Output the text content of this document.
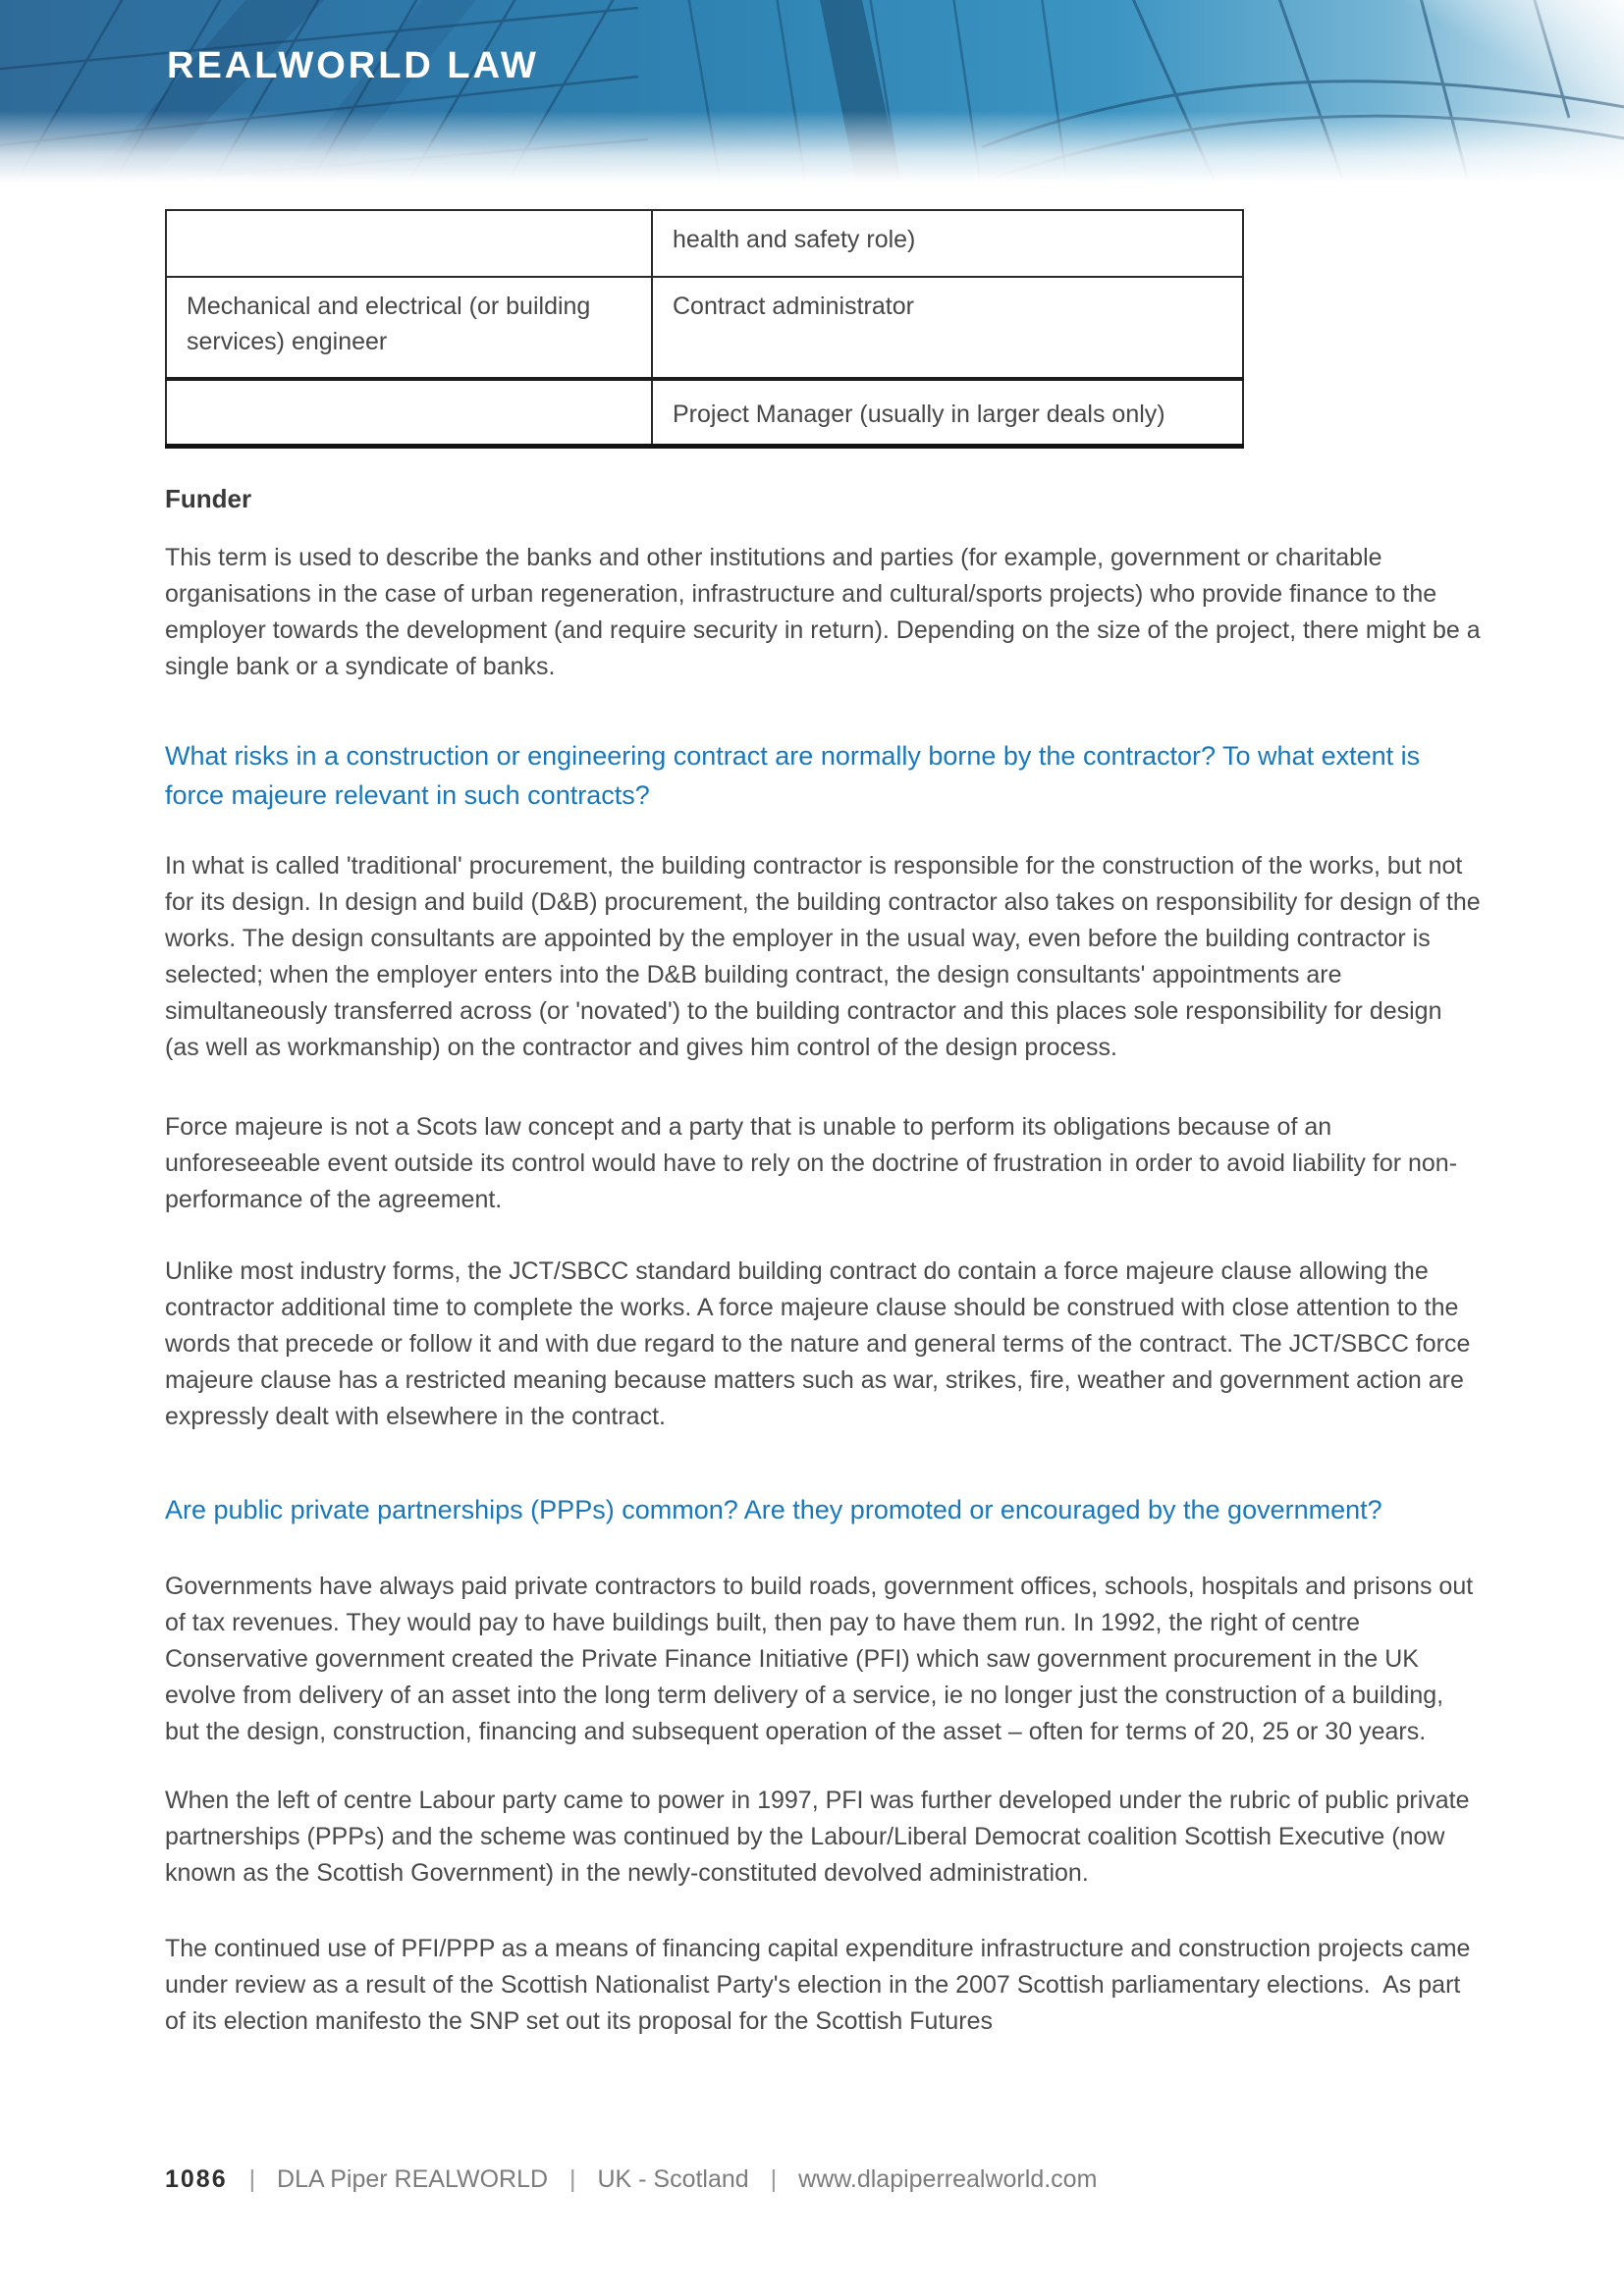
REALWORLD LAW
	health and safety role)
Mechanical and electrical (or building services) engineer	Contract administrator
	Project Manager (usually in larger deals only)
Funder

This term is used to describe the banks and other institutions and parties (for example, government or charitable organisations in the case of urban regeneration, infrastructure and cultural/sports projects) who provide finance to the employer towards the development (and require security in return). Depending on the size of the project, there might be a single bank or a syndicate of banks.

What risks in a construction or engineering contract are normally borne by the contractor? To what extent is force majeure relevant in such contracts?

In what is called 'traditional' procurement, the building contractor is responsible for the construction of the works, but not for its design. In design and build (D&B) procurement, the building contractor also takes on responsibility for design of the works. The design consultants are appointed by the employer in the usual way, even before the building contractor is selected; when the employer enters into the D&B building contract, the design consultants' appointments are simultaneously transferred across (or 'novated') to the building contractor and this places sole responsibility for design (as well as workmanship) on the contractor and gives him control of the design process.

Force majeure is not a Scots law concept and a party that is unable to perform its obligations because of an unforeseeable event outside its control would have to rely on the doctrine of frustration in order to avoid liability for non-performance of the agreement.

Unlike most industry forms, the JCT/SBCC standard building contract do contain a force majeure clause allowing the contractor additional time to complete the works. A force majeure clause should be construed with close attention to the words that precede or follow it and with due regard to the nature and general terms of the contract. The JCT/SBCC force majeure clause has a restricted meaning because matters such as war, strikes, fire, weather and government action are expressly dealt with elsewhere in the contract.

Are public private partnerships (PPPs) common? Are they promoted or encouraged by the government?

Governments have always paid private contractors to build roads, government offices, schools, hospitals and prisons out of tax revenues. They would pay to have buildings built, then pay to have them run. In 1992, the right of centre Conservative government created the Private Finance Initiative (PFI) which saw government procurement in the UK evolve from delivery of an asset into the long term delivery of a service, ie no longer just the construction of a building, but the design, construction, financing and subsequent operation of the asset – often for terms of 20, 25 or 30 years.

When the left of centre Labour party came to power in 1997, PFI was further developed under the rubric of public private partnerships (PPPs) and the scheme was continued by the Labour/Liberal Democrat coalition Scottish Executive (now known as the Scottish Government) in the newly-constituted devolved administration.

The continued use of PFI/PPP as a means of financing capital expenditure infrastructure and construction projects came under review as a result of the Scottish Nationalist Party's election in the 2007 Scottish parliamentary elections.  As part of its election manifesto the SNP set out its proposal for the Scottish Futures

1086 | DLA Piper REALWORLD | UK - Scotland | www.dlapiperrealworld.com
